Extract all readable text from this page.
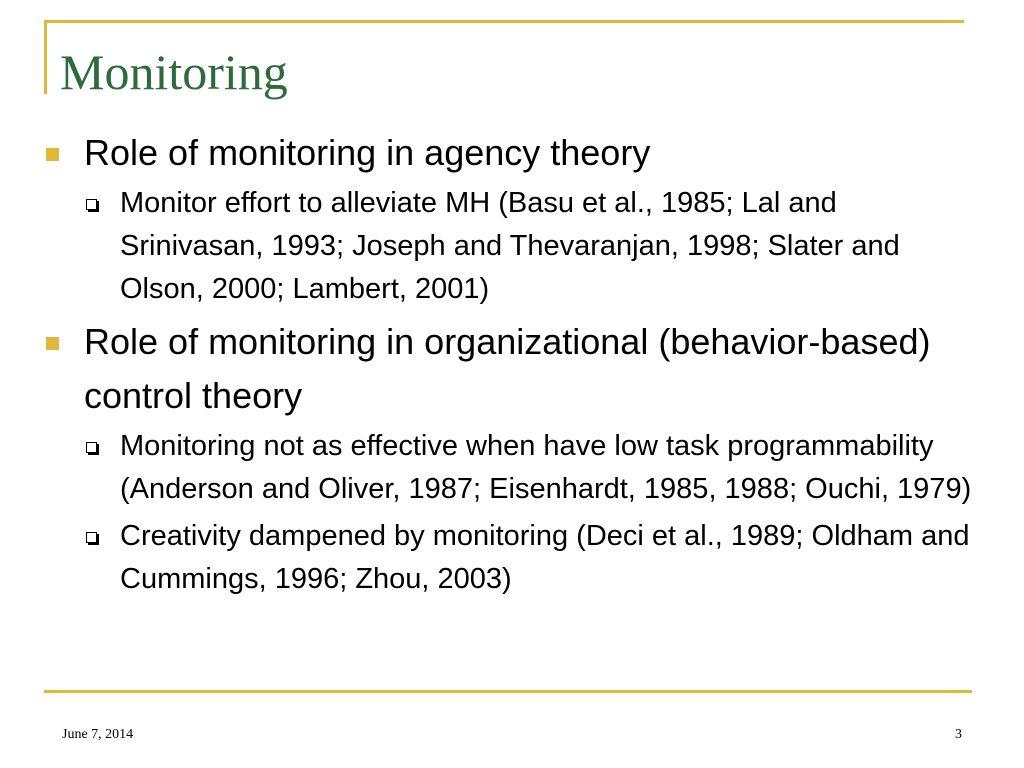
Monitoring
Role of monitoring in agency theory
Monitor effort to alleviate MH (Basu et al., 1985; Lal and Srinivasan, 1993; Joseph and Thevaranjan, 1998; Slater and Olson, 2000; Lambert, 2001)
Role of monitoring in organizational (behavior-based) control theory
Monitoring not as effective when have low task programmability (Anderson and Oliver, 1987; Eisenhardt, 1985, 1988; Ouchi, 1979)
Creativity dampened by monitoring (Deci et al., 1989; Oldham and Cummings, 1996; Zhou, 2003)
June 7, 2014	3
